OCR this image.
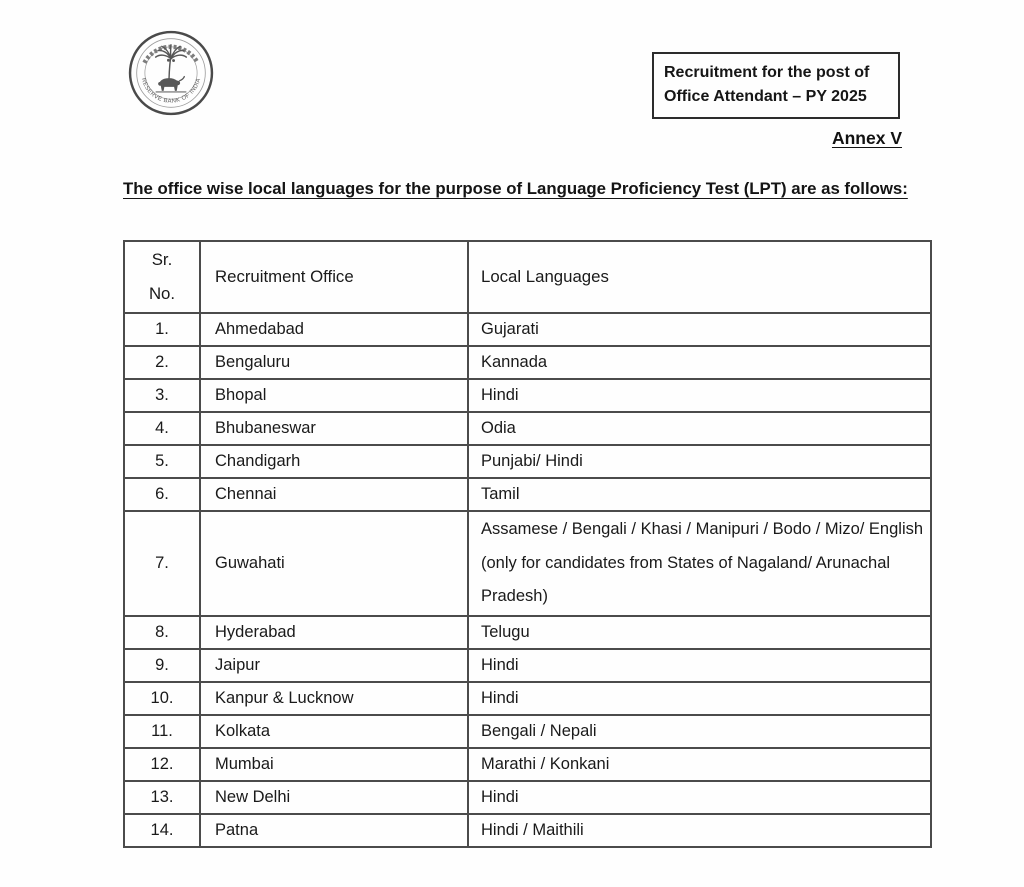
RESERVE BANK OF INDIA	Recruitment for the post of
Office Attendant – PY 2025
Annex V
The office wise local languages for the purpose of Language Proficiency Test (LPT) are as follows:
Sr.
No.	Recruitment Office	Local Languages
1.	Ahmedabad	Gujarati
2.	Bengaluru	Kannada
3.	Bhopal	Hindi
4.	Bhubaneswar	Odia
5.	Chandigarh	Punjabi/ Hindi
6.	Chennai	Tamil
7.	Guwahati	Assamese / Bengali / Khasi / Manipuri / Bodo / Mizo/ English (only for candidates from States of Nagaland/ Arunachal Pradesh)
8.	Hyderabad	Telugu
9.	Jaipur	Hindi
10.	Kanpur & Lucknow	Hindi
11.	Kolkata	Bengali / Nepali
12.	Mumbai	Marathi / Konkani
13.	New Delhi	Hindi
14.	Patna	Hindi / Maithili
